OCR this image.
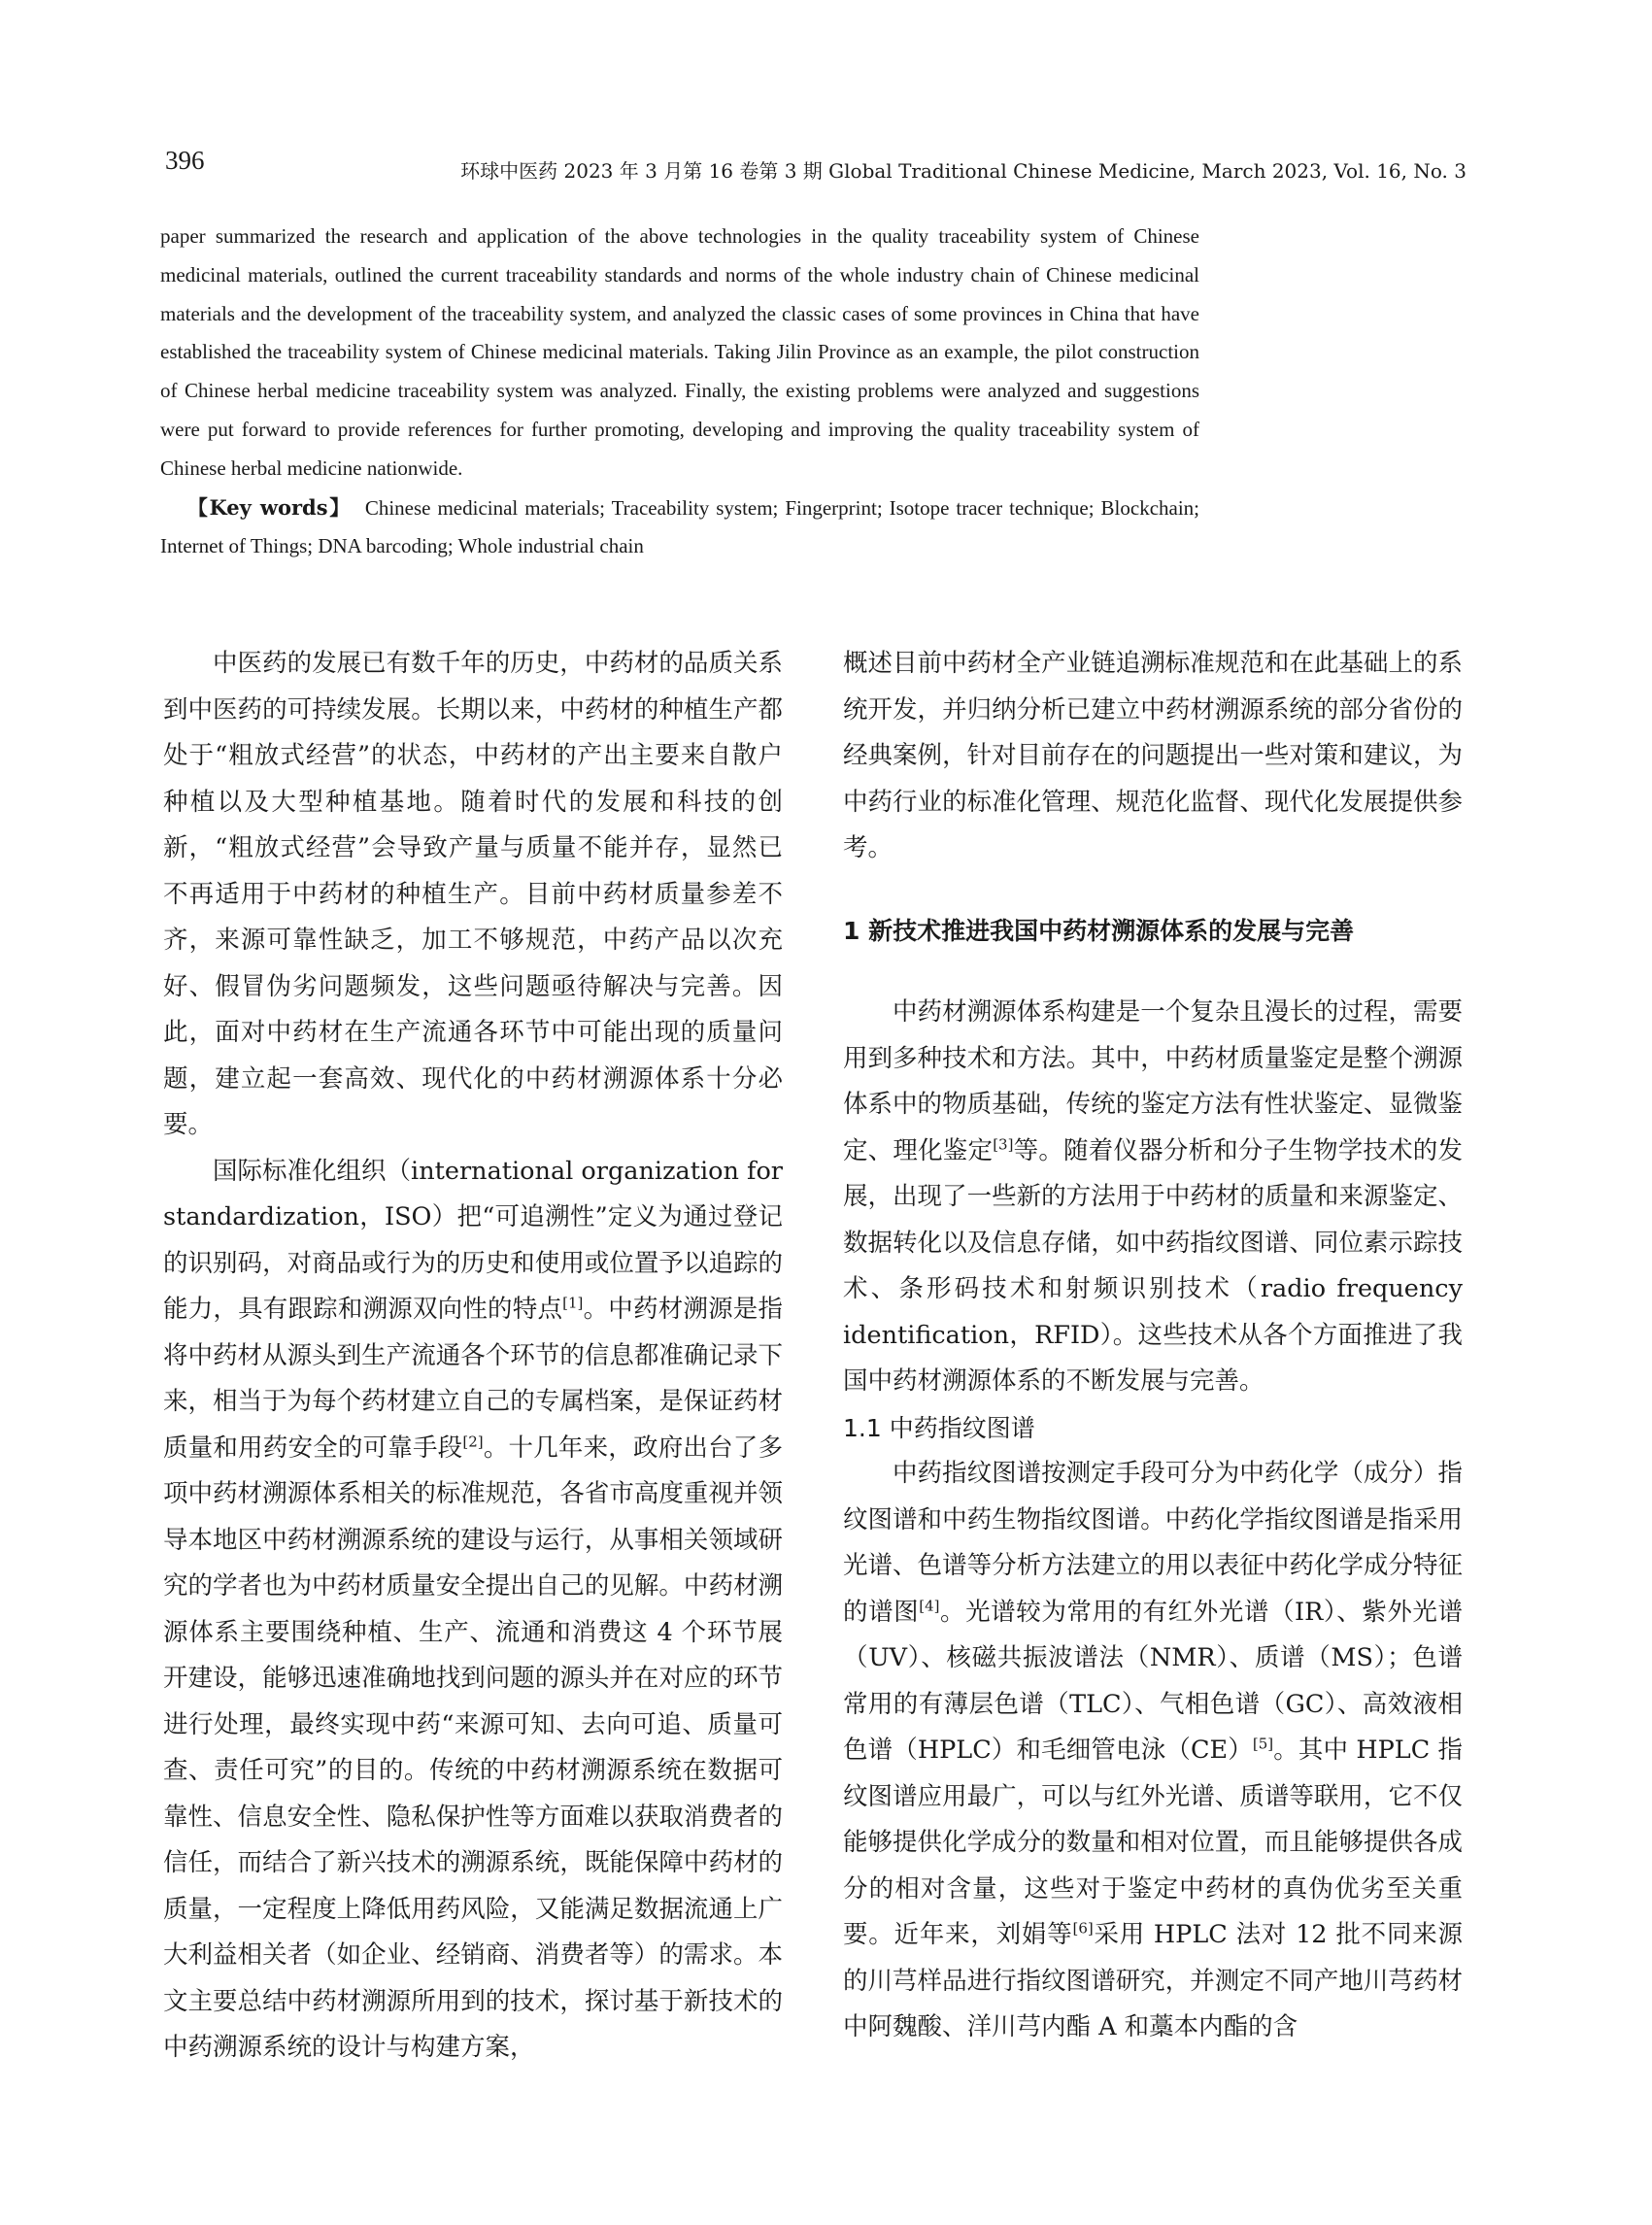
396	环球中医药 2023 年 3 月第 16 卷第 3 期 Global Traditional Chinese Medicine, March 2023, Vol. 16, No. 3

paper summarized the research and application of the above technologies in the quality traceability system of Chinese medicinal materials, outlined the current traceability standards and norms of the whole industry chain of Chinese medicinal materials and the development of the traceability system, and analyzed the classic cases of some provinces in China that have established the traceability system of Chinese medicinal materials. Taking Jilin Province as an example, the pilot construction of Chinese herbal medicine traceability system was analyzed. Finally, the existing problems were analyzed and suggestions were put forward to provide references for further promoting, developing and improving the quality traceability system of Chinese herbal medicine nationwide.

【Key words】 Chinese medicinal materials; Traceability system; Fingerprint; Isotope tracer technique; Blockchain; Internet of Things; DNA barcoding; Whole industrial chain

中医药的发展已有数千年的历史，中药材的品质关系到中医药的可持续发展。长期以来，中药材的种植生产都处于“粗放式经营”的状态，中药材的产出主要来自散户种植以及大型种植基地。随着时代的发展和科技的创新，“粗放式经营”会导致产量与质量不能并存，显然已不再适用于中药材的种植生产。目前中药材质量参差不齐，来源可靠性缺乏，加工不够规范，中药产品以次充好、假冒伪劣问题频发，这些问题亟待解决与完善。因此，面对中药材在生产流通各环节中可能出现的质量问题，建立起一套高效、现代化的中药材溯源体系十分必要。

国际标准化组织（international organization for standardization，ISO）把“可追溯性”定义为通过登记的识别码，对商品或行为的历史和使用或位置予以追踪的能力，具有跟踪和溯源双向性的特点[1]。中药材溯源是指将中药材从源头到生产流通各个环节的信息都准确记录下来，相当于为每个药材建立自己的专属档案，是保证药材质量和用药安全的可靠手段[2]。十几年来，政府出台了多项中药材溯源体系相关的标准规范，各省市高度重视并领导本地区中药材溯源系统的建设与运行，从事相关领域研究的学者也为中药材质量安全提出自己的见解。中药材溯源体系主要围绕种植、生产、流通和消费这 4 个环节展开建设，能够迅速准确地找到问题的源头并在对应的环节进行处理，最终实现中药“来源可知、去向可追、质量可查、责任可究”的目的。传统的中药材溯源系统在数据可靠性、信息安全性、隐私保护性等方面难以获取消费者的信任，而结合了新兴技术的溯源系统，既能保障中药材的质量，一定程度上降低用药风险，又能满足数据流通上广大利益相关者（如企业、经销商、消费者等）的需求。本文主要总结中药材溯源所用到的技术，探讨基于新技术的中药溯源系统的设计与构建方案，

概述目前中药材全产业链追溯标准规范和在此基础上的系统开发，并归纳分析已建立中药材溯源系统的部分省份的经典案例，针对目前存在的问题提出一些对策和建议，为中药行业的标准化管理、规范化监督、现代化发展提供参考。

1 新技术推进我国中药材溯源体系的发展与完善

中药材溯源体系构建是一个复杂且漫长的过程，需要用到多种技术和方法。其中，中药材质量鉴定是整个溯源体系中的物质基础，传统的鉴定方法有性状鉴定、显微鉴定、理化鉴定[3]等。随着仪器分析和分子生物学技术的发展，出现了一些新的方法用于中药材的质量和来源鉴定、数据转化以及信息存储，如中药指纹图谱、同位素示踪技术、条形码技术和射频识别技术（radio frequency identification，RFID）。这些技术从各个方面推进了我国中药材溯源体系的不断发展与完善。

1.1 中药指纹图谱

中药指纹图谱按测定手段可分为中药化学（成分）指纹图谱和中药生物指纹图谱。中药化学指纹图谱是指采用光谱、色谱等分析方法建立的用以表征中药化学成分特征的谱图[4]。光谱较为常用的有红外光谱（IR）、紫外光谱（UV）、核磁共振波谱法（NMR）、质谱（MS）；色谱常用的有薄层色谱（TLC）、气相色谱（GC）、高效液相色谱（HPLC）和毛细管电泳（CE）[5]。其中 HPLC 指纹图谱应用最广，可以与红外光谱、质谱等联用，它不仅能够提供化学成分的数量和相对位置，而且能够提供各成分的相对含量，这些对于鉴定中药材的真伪优劣至关重要。近年来，刘娟等[6]采用 HPLC 法对 12 批不同来源的川芎样品进行指纹图谱研究，并测定不同产地川芎药材中阿魏酸、洋川芎内酯 A 和藁本内酯的含
